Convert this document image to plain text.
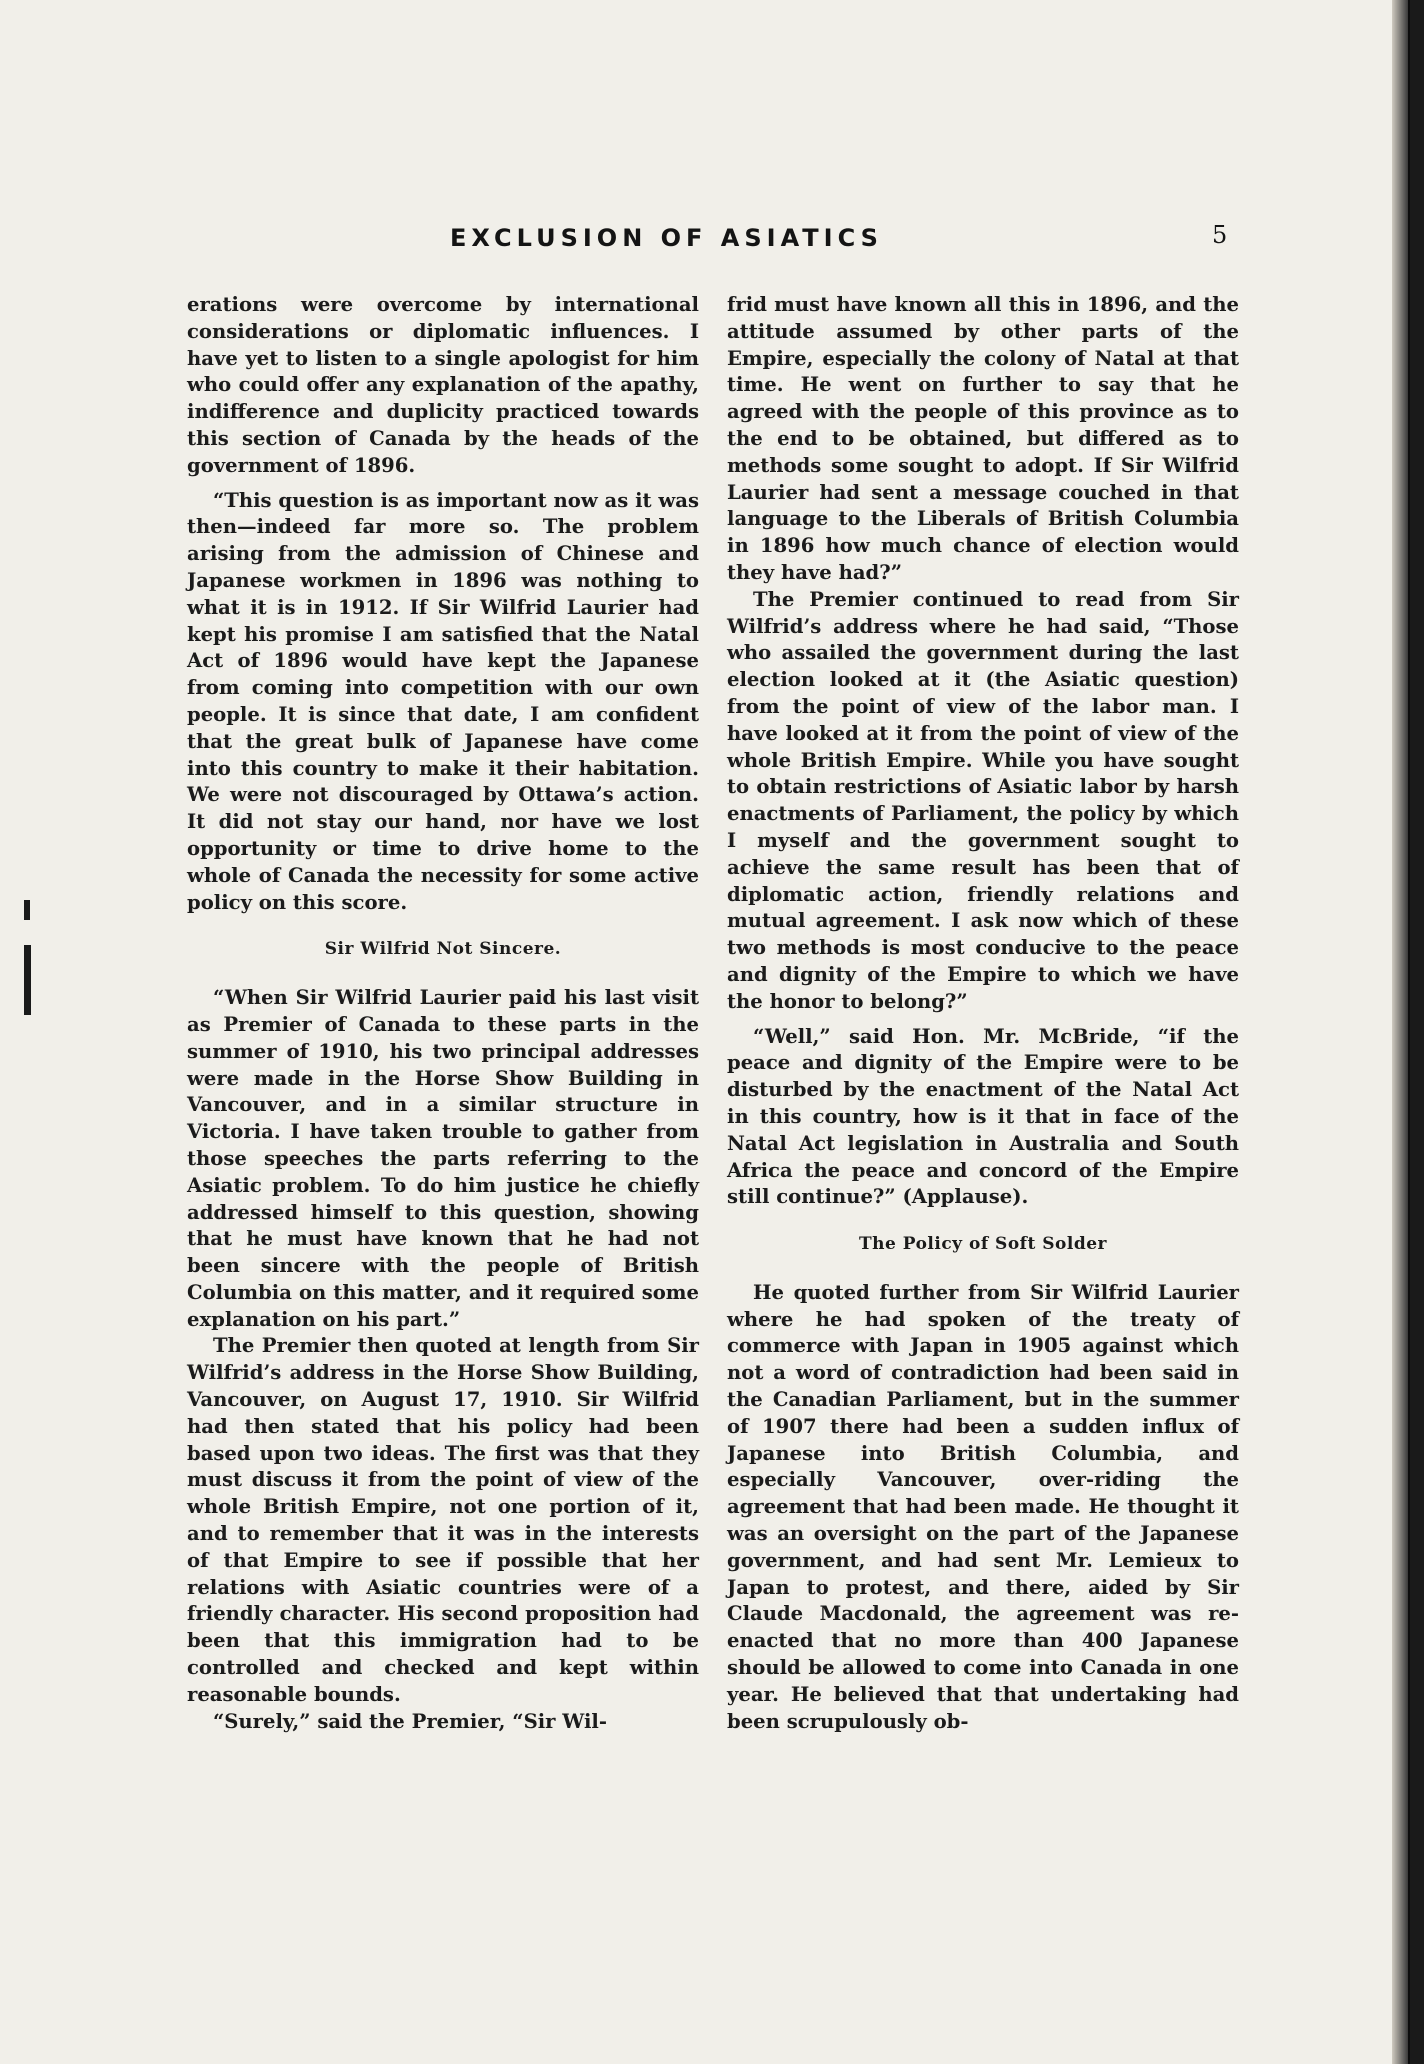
EXCLUSION OF ASIATICS	5

erations were overcome by international considerations or diplomatic influences. I have yet to listen to a single apologist for him who could offer any explanation of the apathy, indifference and duplicity practiced towards this section of Canada by the heads of the government of 1896.

“This question is as important now as it was then—indeed far more so. The problem arising from the admission of Chinese and Japanese workmen in 1896 was nothing to what it is in 1912. If Sir Wilfrid Laurier had kept his promise I am satisfied that the Natal Act of 1896 would have kept the Japanese from coming into competition with our own people. It is since that date, I am confident that the great bulk of Japanese have come into this country to make it their habitation. We were not discouraged by Ottawa’s action. It did not stay our hand, nor have we lost opportunity or time to drive home to the whole of Canada the necessity for some active policy on this score.

Sir Wilfrid Not Sincere.

“When Sir Wilfrid Laurier paid his last visit as Premier of Canada to these parts in the summer of 1910, his two principal addresses were made in the Horse Show Building in Vancouver, and in a similar structure in Victoria. I have taken trouble to gather from those speeches the parts referring to the Asiatic problem. To do him justice he chiefly addressed himself to this question, showing that he must have known that he had not been sincere with the people of British Columbia on this matter, and it required some explanation on his part.”

The Premier then quoted at length from Sir Wilfrid’s address in the Horse Show Building, Vancouver, on August 17, 1910. Sir Wilfrid had then stated that his policy had been based upon two ideas. The first was that they must discuss it from the point of view of the whole British Empire, not one portion of it, and to remember that it was in the interests of that Empire to see if possible that her relations with Asiatic countries were of a friendly character. His second proposition had been that this immigration had to be controlled and checked and kept within reasonable bounds.

“Surely,” said the Premier, “Sir Wil-

frid must have known all this in 1896, and the attitude assumed by other parts of the Empire, especially the colony of Natal at that time. He went on further to say that he agreed with the people of this province as to the end to be obtained, but differed as to methods some sought to adopt. If Sir Wilfrid Laurier had sent a message couched in that language to the Liberals of British Columbia in 1896 how much chance of election would they have had?”

The Premier continued to read from Sir Wilfrid’s address where he had said, “Those who assailed the government during the last election looked at it (the Asiatic question) from the point of view of the labor man. I have looked at it from the point of view of the whole British Empire. While you have sought to obtain restrictions of Asiatic labor by harsh enactments of Parliament, the policy by which I myself and the government sought to achieve the same result has been that of diplomatic action, friendly relations and mutual agreement. I ask now which of these two methods is most conducive to the peace and dignity of the Empire to which we have the honor to belong?”

“Well,” said Hon. Mr. McBride, “if the peace and dignity of the Empire were to be disturbed by the enactment of the Natal Act in this country, how is it that in face of the Natal Act legislation in Australia and South Africa the peace and concord of the Empire still continue?” (Applause).

The Policy of Soft Solder

He quoted further from Sir Wilfrid Laurier where he had spoken of the treaty of commerce with Japan in 1905 against which not a word of contradiction had been said in the Canadian Parliament, but in the summer of 1907 there had been a sudden influx of Japanese into British Columbia, and especially Vancouver, over-riding the agreement that had been made. He thought it was an oversight on the part of the Japanese government, and had sent Mr. Lemieux to Japan to protest, and there, aided by Sir Claude Macdonald, the agreement was re-enacted that no more than 400 Japanese should be allowed to come into Canada in one year. He believed that that undertaking had been scrupulously ob-
